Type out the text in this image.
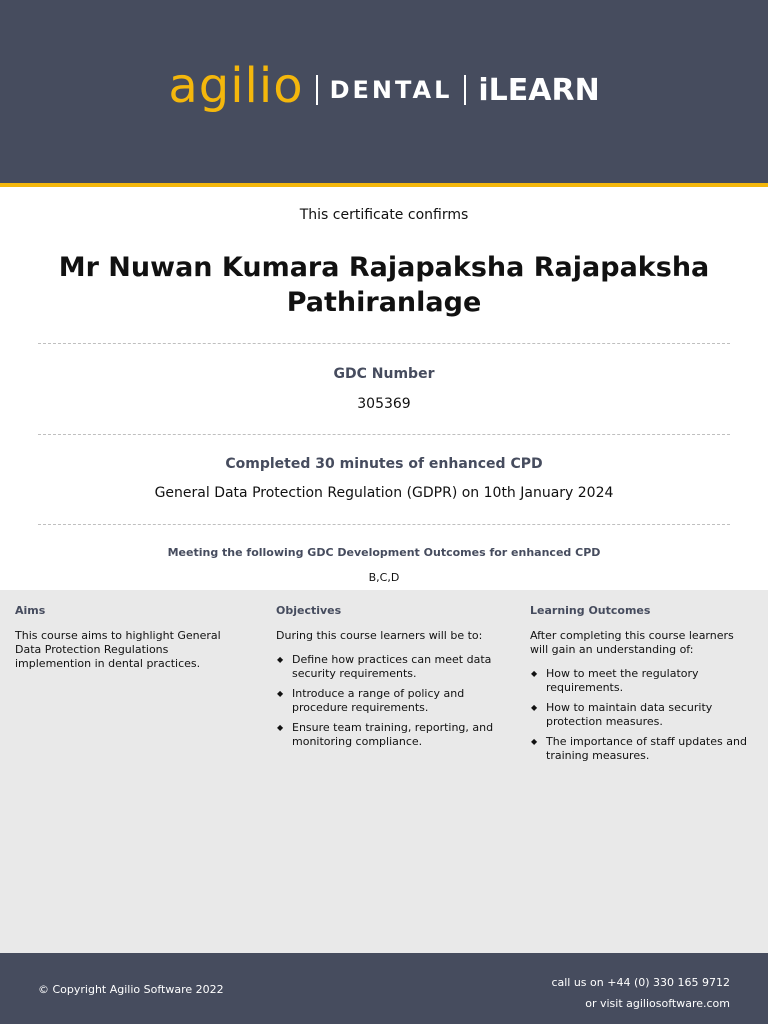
agilio DENTAL iLEARN
This certificate confirms
Mr Nuwan Kumara Rajapaksha Rajapaksha Pathiranlage
GDC Number
305369
Completed 30 minutes of enhanced CPD
General Data Protection Regulation (GDPR) on 10th January 2024
Meeting the following GDC Development Outcomes for enhanced CPD
B,C,D
Aims

This course aims to highlight General Data Protection Regulations implemention in dental practices.

Objectives

During this course learners will be to:

◆ Define how practices can meet data security requirements.
◆ Introduce a range of policy and procedure requirements.
◆ Ensure team training, reporting, and monitoring compliance.
Learning Outcomes

After completing this course learners will gain an understanding of:

◆ How to meet the regulatory requirements.
◆ How to maintain data security protection measures.
◆ The importance of staff updates and training measures.
© Copyright Agilio Software 2022
call us on +44 (0) 330 165 9712
or visit agiliosoftware.com
